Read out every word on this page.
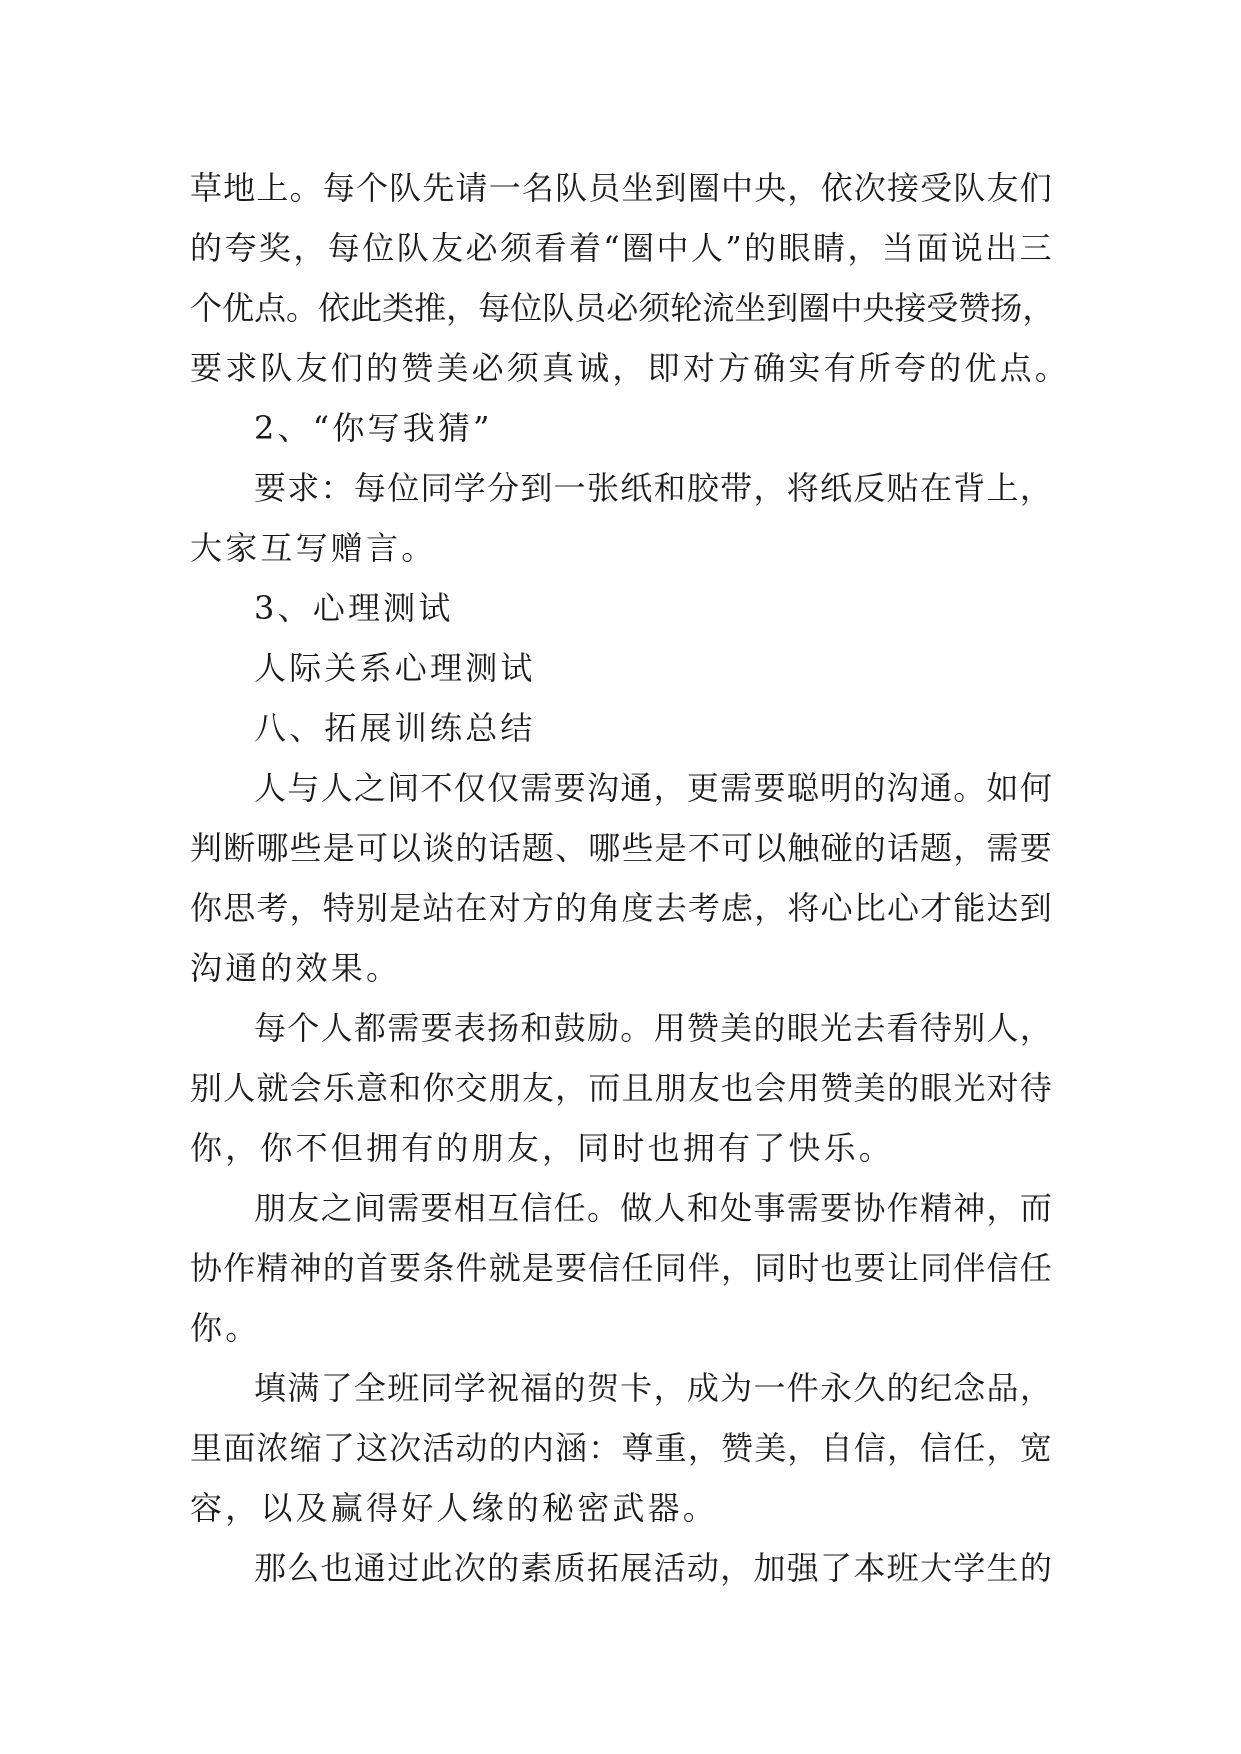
草 地 上 。 每 个 队 先 请 一 名 队 员 坐 到 圈 中 央 ， 依 次 接 受 队 友 们
的 夸 奖 ， 每 位 队 友 必 须 看 着 “ 圈 中 人 ” 的 眼 睛 ， 当 面 说 出 三
个 优 点 。 依 此 类 推 ， 每 位 队 员 必 须 轮 流 坐 到 圈 中 央 接 受 赞 扬 ，
要求队友们的赞美必须真诚，即对方确实有所夸的优点。
2、“你写我猜”
要 求 ： 每 位 同 学 分 到 一 张 纸 和 胶 带 ， 将 纸 反 贴 在 背 上 ，
大家互写赠言。
3、心理测试
人际关系心理测试
八、拓展训练总结
人 与 人 之 间 不 仅 仅 需 要 沟 通 ， 更 需 要 聪 明 的 沟 通 。 如 何
判 断 哪 些 是 可 以 谈 的 话 题 、 哪 些 是 不 可 以 触 碰 的 话 题 ， 需 要
你 思 考 ， 特 别 是 站 在 对 方 的 角 度 去 考 虑 ， 将 心 比 心 才 能 达 到
沟通的效果。
每 个 人 都 需 要 表 扬 和 鼓 励 。 用 赞 美 的 眼 光 去 看 待 别 人 ，
别 人 就 会 乐 意 和 你 交 朋 友 ， 而 且 朋 友 也 会 用 赞 美 的 眼 光 对 待
你，你不但拥有的朋友，同时也拥有了快乐。
朋 友 之 间 需 要 相 互 信 任 。 做 人 和 处 事 需 要 协 作 精 神 ， 而
协 作 精 神 的 首 要 条 件 就 是 要 信 任 同 伴 ， 同 时 也 要 让 同 伴 信 任
你。
填 满 了 全 班 同 学 祝 福 的 贺 卡 ， 成 为 一 件 永 久 的 纪 念 品 ，
里 面 浓 缩 了 这 次 活 动 的 内 涵 ： 尊 重 ， 赞 美 ， 自 信 ， 信 任 ， 宽
容，以及赢得好人缘的秘密武器。
那 么 也 通 过 此 次 的 素 质 拓 展 活 动 ， 加 强 了 本 班 大 学 生 的
